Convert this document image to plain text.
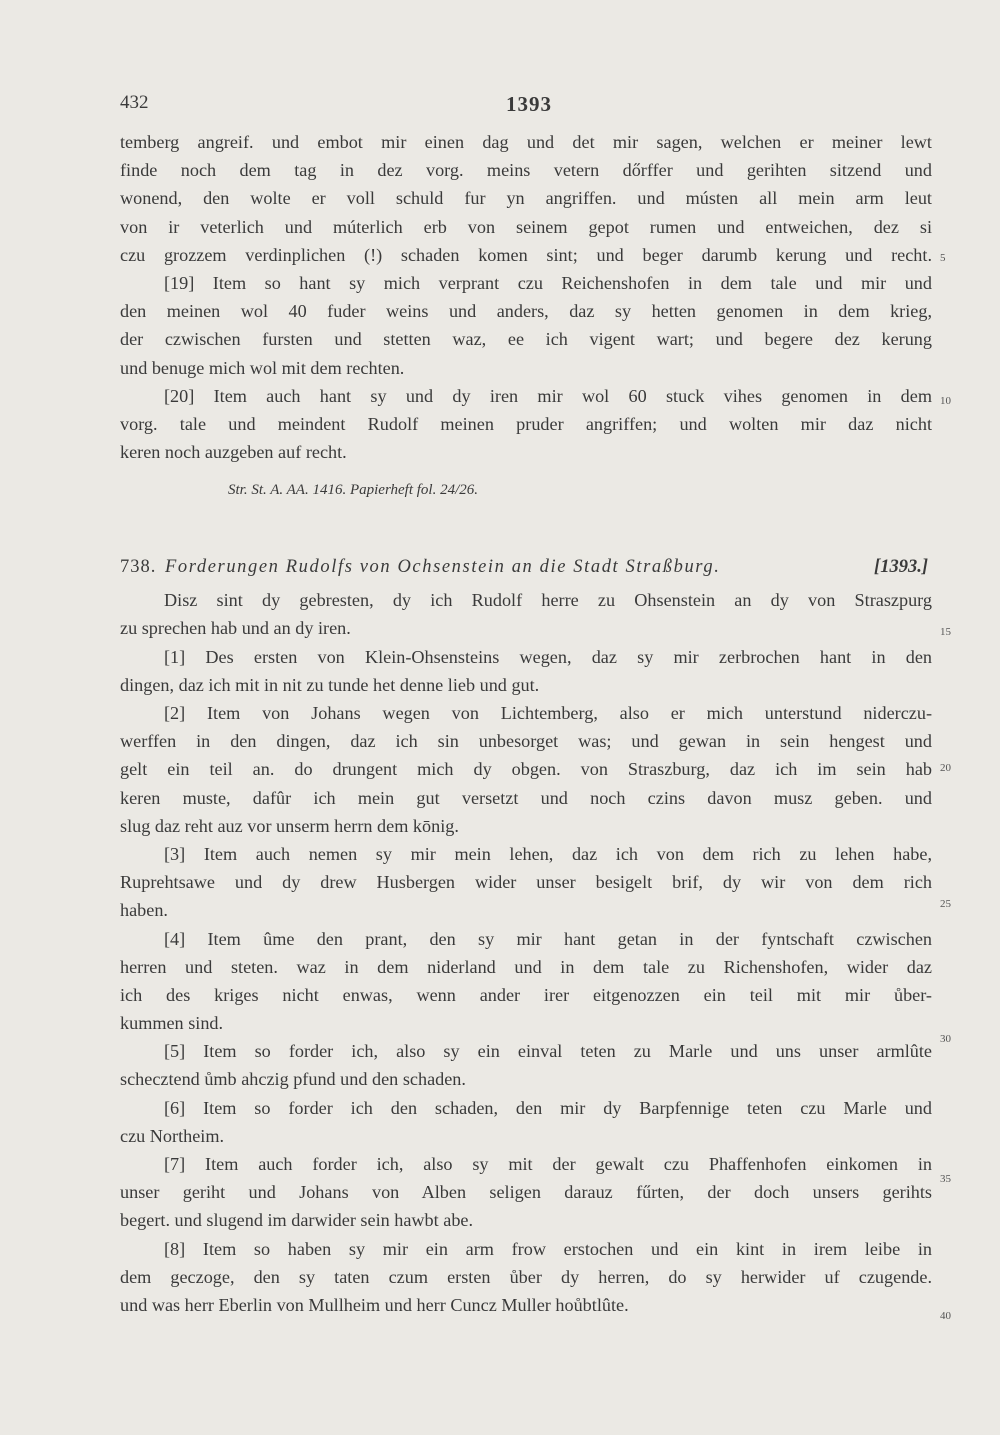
432	1393
temberg angreif. und embot mir einen dag und det mir sagen, welchen er meiner lewt
finde noch dem tag in dez vorg. meins vetern dőrffer und gerihten sitzend und
wonend, den wolte er voll schuld fur yn angriffen. und músten all mein arm leut
von ir veterlich und múterlich erb von seinem gepot rumen und entweichen, dez si
czu grozzem verdinplichen (!) schaden komen sint; und beger darumb kerung und recht.
[19] Item so hant sy mich verprant czu Reichenshofen in dem tale und mir und
den meinen wol 40 fuder weins und anders, daz sy hetten genomen in dem krieg,
der czwischen fursten und stetten waz, ee ich vigent wart; und begere dez kerung
und benuge mich wol mit dem rechten.
[20] Item auch hant sy und dy iren mir wol 60 stuck vihes genomen in dem
vorg. tale und meindent Rudolf meinen pruder angriffen; und wolten mir daz nicht
keren noch auzgeben auf recht.
Str. St. A. AA. 1416. Papierheft fol. 24/26.
738. Forderungen Rudolfs von Ochsenstein an die Stadt Straßburg.	[1393.]
Disz sint dy gebresten, dy ich Rudolf herre zu Ohsenstein an dy von Straszpurg
zu sprechen hab und an dy iren.
[1] Des ersten von Klein-Ohsensteins wegen, daz sy mir zerbrochen hant in den
dingen, daz ich mit in nit zu tunde het denne lieb und gut.
[2] Item von Johans wegen von Lichtemberg, also er mich unterstund niderczu-
werffen in den dingen, daz ich sin unbesorget was; und gewan in sein hengest und
gelt ein teil an. do drungent mich dy obgen. von Straszburg, daz ich im sein hab
keren muste, dafûr ich mein gut versetzt und noch czins davon musz geben. und
slug daz reht auz vor unserm herrn dem kōnig.
[3] Item auch nemen sy mir mein lehen, daz ich von dem rich zu lehen habe,
Ruprehtsawe und dy drew Husbergen wider unser besigelt brif, dy wir von dem rich
haben.
[4] Item ûme den prant, den sy mir hant getan in der fyntschaft czwischen
herren und steten. waz in dem niderland und in dem tale zu Richenshofen, wider daz
ich des kriges nicht enwas, wenn ander irer eitgenozzen ein teil mit mir ůber-
kummen sind.
[5] Item so forder ich, also sy ein einval teten zu Marle und uns unser armlûte
schecztend ůmb ahczig pfund und den schaden.
[6] Item so forder ich den schaden, den mir dy Barpfennige teten czu Marle und
czu Northeim.
[7] Item auch forder ich, also sy mit der gewalt czu Phaffenhofen einkomen in
unser geriht und Johans von Alben seligen darauz fűrten, der doch unsers gerihts
begert. und slugend im darwider sein hawbt abe.
[8] Item so haben sy mir ein arm frow erstochen und ein kint in irem leibe in
dem geczoge, den sy taten czum ersten ůber dy herren, do sy herwider uf czugende.
und was herr Eberlin von Mullheim und herr Cuncz Muller hoůbtlûte.
5
10
15
20
25
30
35
40
